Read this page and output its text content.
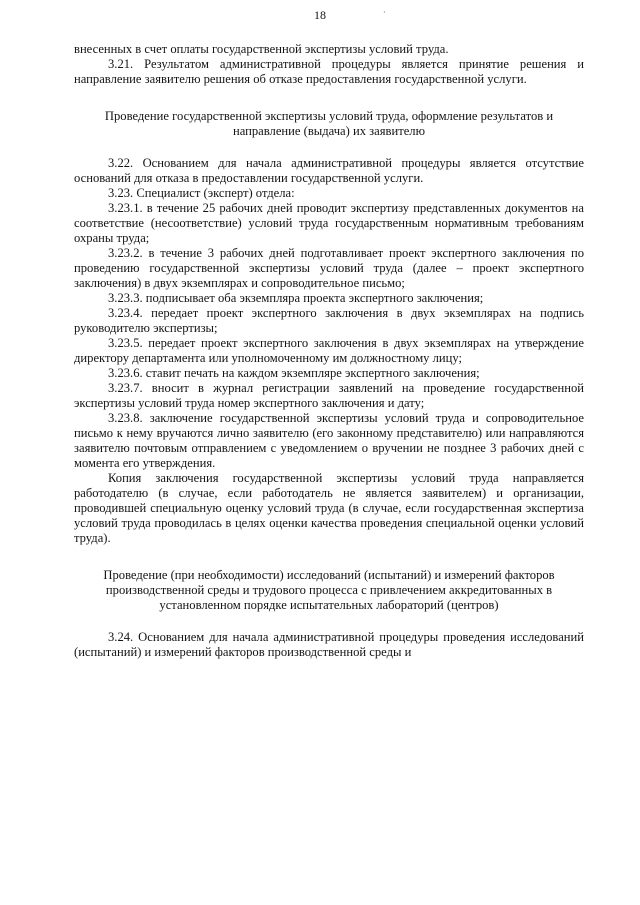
18	·

внесенных в счет оплаты государственной экспертизы условий труда.

3.21. Результатом административной процедуры является принятие решения и направление заявителю решения об отказе предоставления государственной услуги.

Проведение государственной экспертизы условий труда, оформление результатов и направление (выдача) их заявителю

3.22. Основанием для начала административной процедуры является отсутствие оснований для отказа в предоставлении государственной услуги.

3.23. Специалист (эксперт) отдела:

3.23.1. в течение 25 рабочих дней проводит экспертизу представленных документов на соответствие (несоответствие) условий труда государственным нормативным требованиям охраны труда;

3.23.2. в течение 3 рабочих дней подготавливает проект экспертного заключения по проведению государственной экспертизы условий труда (далее – проект экспертного заключения) в двух экземплярах и сопроводительное письмо;

3.23.3. подписывает оба экземпляра проекта экспертного заключения;

3.23.4. передает проект экспертного заключения в двух экземплярах на подпись руководителю экспертизы;

3.23.5. передает проект экспертного заключения в двух экземплярах на утверждение директору департамента или уполномоченному им должностному лицу;

3.23.6. ставит печать на каждом экземпляре экспертного заключения;

3.23.7. вносит в журнал регистрации заявлений на проведение государственной экспертизы условий труда номер экспертного заключения и дату;

3.23.8. заключение государственной экспертизы условий труда и сопроводительное письмо к нему вручаются лично заявителю (его законному представителю) или направляются заявителю почтовым отправлением с уведомлением о вручении не позднее 3 рабочих дней с момента его утверждения.

Копия заключения государственной экспертизы условий труда направляется работодателю (в случае, если работодатель не является заявителем) и организации, проводившей специальную оценку условий труда (в случае, если государственная экспертиза условий труда проводилась в целях оценки качества проведения специальной оценки условий труда).

Проведение (при необходимости) исследований (испытаний) и измерений факторов производственной среды и трудового процесса с привлечением аккредитованных в установленном порядке испытательных лабораторий (центров)

3.24. Основанием для начала административной процедуры проведения исследований (испытаний) и измерений факторов производственной среды и
